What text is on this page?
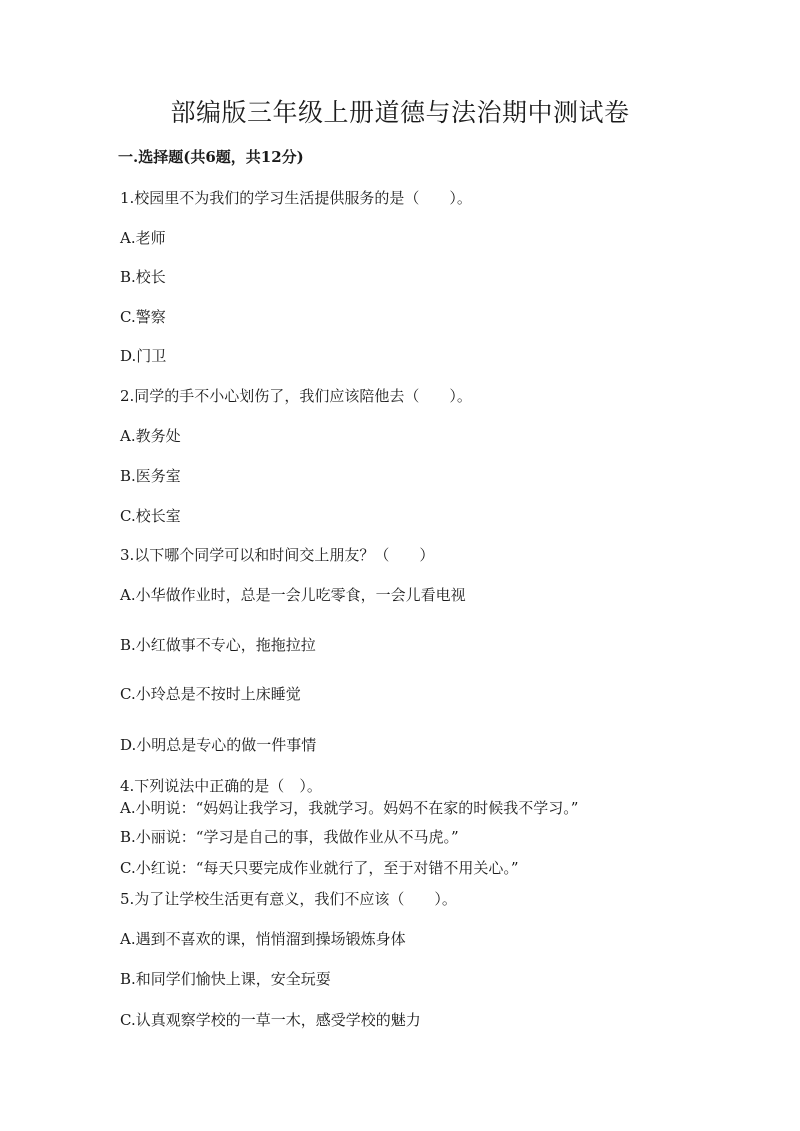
部编版三年级上册道德与法治期中测试卷
一.选择题(共6题，共12分)
1.校园里不为我们的学习生活提供服务的是（　　）。
A.老师
B.校长
C.警察
D.门卫
2.同学的手不小心划伤了，我们应该陪他去（　　）。
A.教务处
B.医务室
C.校长室
3.以下哪个同学可以和时间交上朋友？（　　）
A.小华做作业时，总是一会儿吃零食，一会儿看电视
B.小红做事不专心，拖拖拉拉
C.小玲总是不按时上床睡觉
D.小明总是专心的做一件事情
4.下列说法中正确的是（　）。
A.小明说：“妈妈让我学习，我就学习。妈妈不在家的时候我不学习。”
B.小丽说：“学习是自己的事，我做作业从不马虎。”
C.小红说：“每天只要完成作业就行了，至于对错不用关心。”
5.为了让学校生活更有意义，我们不应该（　　）。
A.遇到不喜欢的课，悄悄溜到操场锻炼身体
B.和同学们愉快上课，安全玩耍
C.认真观察学校的一草一木，感受学校的魅力
